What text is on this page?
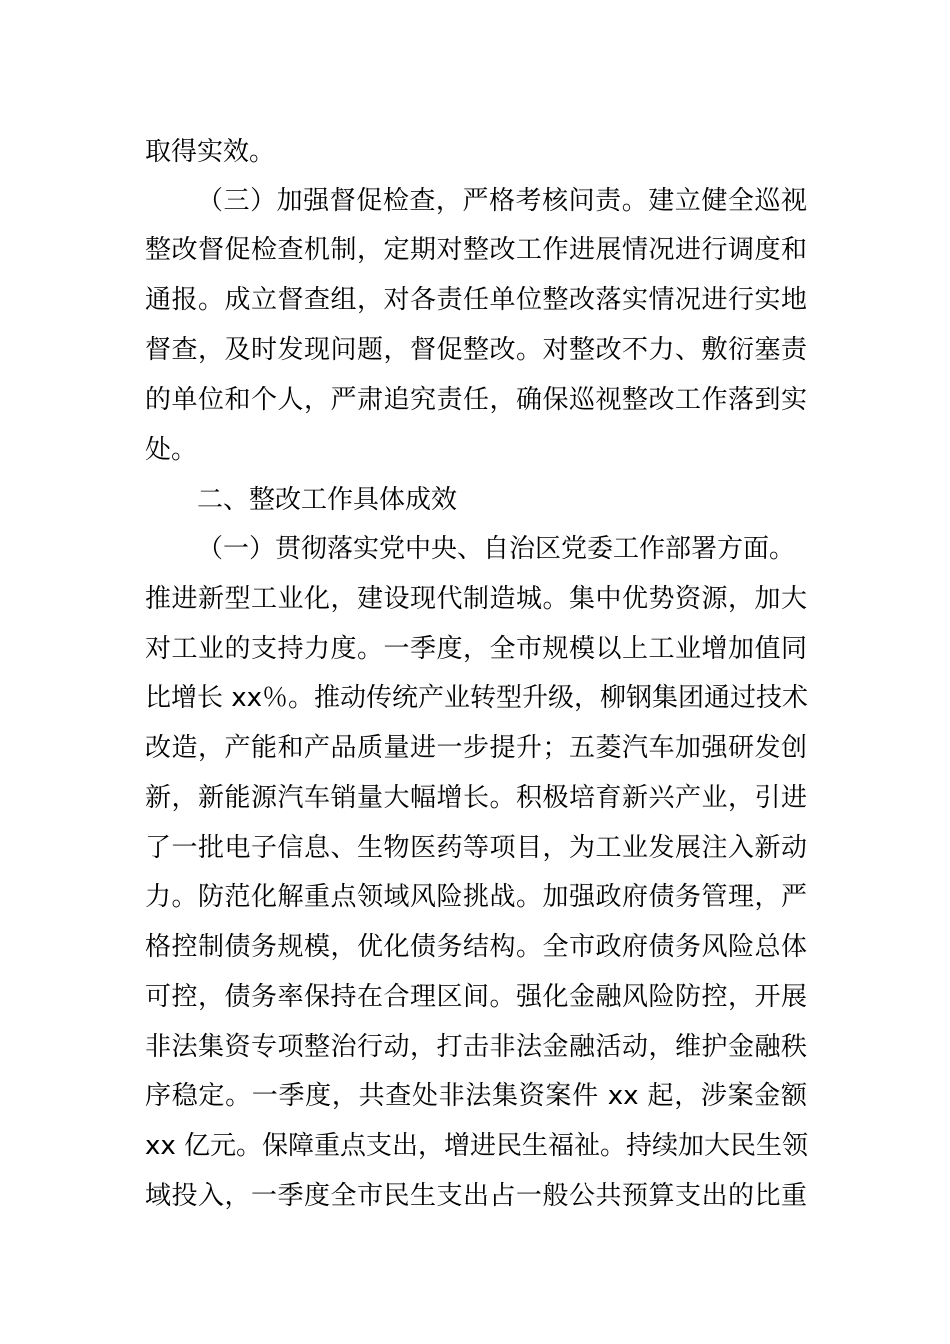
取得实效。
（三）加强督促检查，严格考核问责。建立健全巡视
整改督促检查机制，定期对整改工作进展情况进行调度和
通报。成立督查组，对各责任单位整改落实情况进行实地
督查，及时发现问题，督促整改。对整改不力、敷衍塞责
的单位和个人，严肃追究责任，确保巡视整改工作落到实
处。
二、整改工作具体成效
（一）贯彻落实党中央、自治区党委工作部署方面。
推进新型工业化，建设现代制造城。集中优势资源，加大
对工业的支持力度。一季度，全市规模以上工业增加值同
比增长 xx％。推动传统产业转型升级，柳钢集团通过技术
改造，产能和产品质量进一步提升；五菱汽车加强研发创
新，新能源汽车销量大幅增长。积极培育新兴产业，引进
了一批电子信息、生物医药等项目，为工业发展注入新动
力。防范化解重点领域风险挑战。加强政府债务管理，严
格控制债务规模，优化债务结构。全市政府债务风险总体
可控，债务率保持在合理区间。强化金融风险防控，开展
非法集资专项整治行动，打击非法金融活动，维护金融秩
序稳定。一季度，共查处非法集资案件 xx 起，涉案金额
xx 亿元。保障重点支出，增进民生福祉。持续加大民生领
域投入，一季度全市民生支出占一般公共预算支出的比重
